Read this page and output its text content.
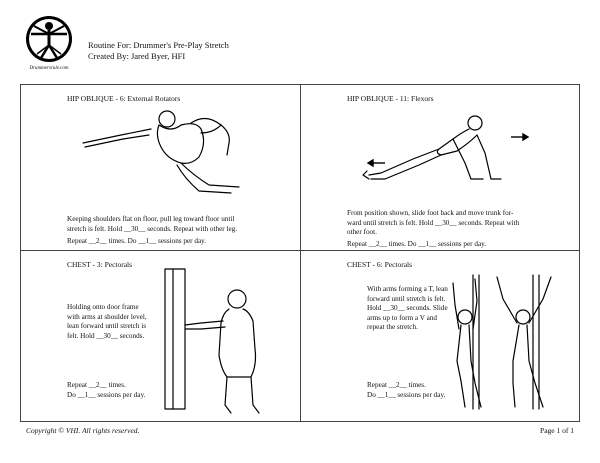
Drummersrule.com
Routine For: Drummer's Pre-Play Stretch
Created By: Jared Byer, HFI
HIP OBLIQUE - 6: External Rotators
Keeping shoulders flat on floor, pull leg toward floor until
stretch is felt. Hold __30__ seconds. Repeat with other leg.
Repeat __2__ times. Do __1__ sessions per day.
HIP OBLIQUE - 11: Flexors
From position shown, slide foot back and move trunk for-
ward until stretch is felt. Hold __30__ seconds. Repeat with
other foot.
Repeat __2__ times. Do __1__ sessions per day.
CHEST - 3: Pectorals
Holding onto door frame
with arms at shoulder level,
lean forward until stretch is
felt. Hold __30__ seconds.
Repeat __2__ times.
Do __1__ sessions per day.
CHEST - 6: Pectorals
With arms forming a T, lean
forward until stretch is felt.
Hold __30__ seconds. Slide
arms up to form a V and
repeat the stretch.
Repeat __2__ times.
Do __1__ sessions per day.
Copyright © VHI. All rights reserved.	Page 1 of 1
